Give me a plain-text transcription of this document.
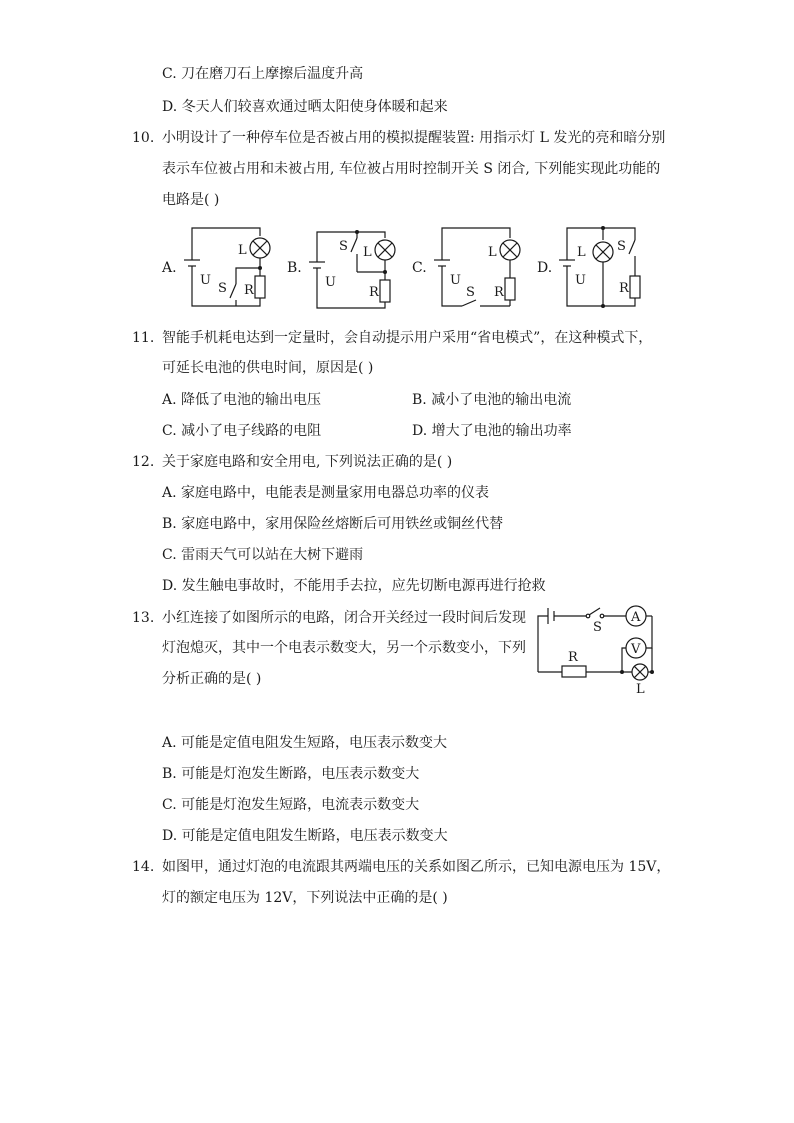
C. 刀在磨刀石上摩擦后温度升高
D. 冬天人们较喜欢通过晒太阳使身体暖和起来
10. 小明设计了一种停车位是否被占用的模拟提醒装置: 用指示灯 L 发光的亮和暗分别
表示车位被占用和未被占用, 车位被占用时控制开关 S 闭合, 下列能实现此功能的
电路是( )
A.	B.	C.	D.
L
U
S R
S L
U
R
L
U
S R
L S
U
R
11. 智能手机耗电达到一定量时，会自动提示用户采用“省电模式”，在这种模式下，
可延长电池的供电时间，原因是( )
A. 降低了电池的输出电压	B. 减小了电池的输出电流
C. 减小了电子线路的电阻	D. 增大了电池的输出功率
12. 关于家庭电路和安全用电, 下列说法正确的是( )
A. 家庭电路中，电能表是测量家用电器总功率的仪表
B. 家庭电路中，家用保险丝熔断后可用铁丝或铜丝代替
C. 雷雨天气可以站在大树下避雨
D. 发生触电事故时，不能用手去拉，应先切断电源再进行抢救
13. 小红连接了如图所示的电路，闭合开关经过一段时间后发现
灯泡熄灭，其中一个电表示数变大，另一个示数变小，下列
分析正确的是( )
S
A
V
R
L
A. 可能是定值电阻发生短路，电压表示数变大
B. 可能是灯泡发生断路，电压表示数变大
C. 可能是灯泡发生短路，电流表示数变大
D. 可能是定值电阻发生断路，电压表示数变大
14. 如图甲，通过灯泡的电流跟其两端电压的关系如图乙所示，已知电源电压为 15V，
灯的额定电压为 12V，下列说法中正确的是( )
